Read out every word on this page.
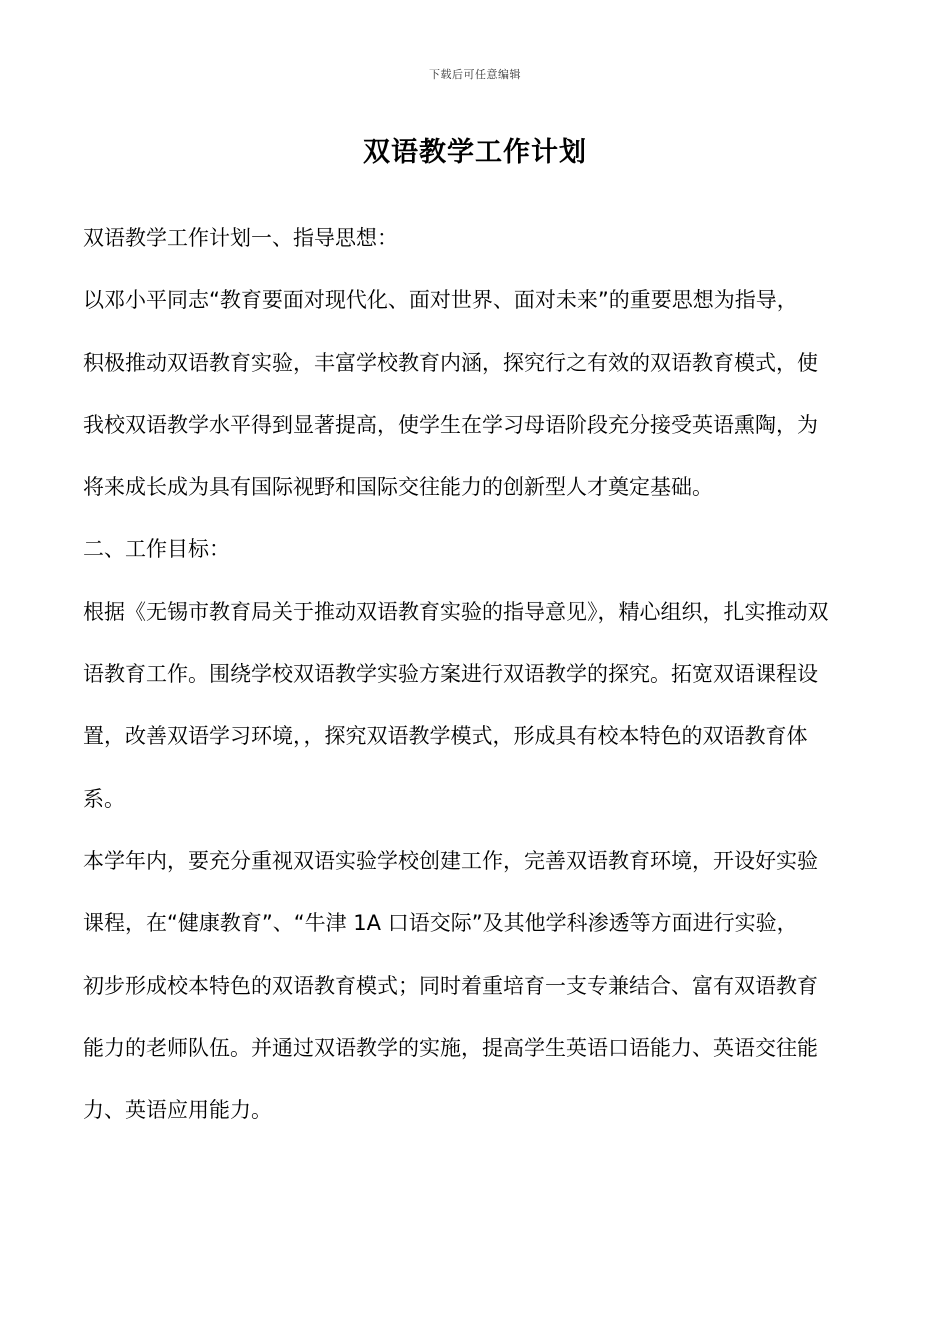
下载后可任意编辑
双语教学工作计划
双语教学工作计划一、指导思想：
以邓小平同志“教育要面对现代化、面对世界、面对未来”的重要思想为指导，
积极推动双语教育实验，丰富学校教育内涵，探究行之有效的双语教育模式，使
我校双语教学水平得到显著提高，使学生在学习母语阶段充分接受英语熏陶，为
将来成长成为具有国际视野和国际交往能力的创新型人才奠定基础。
二、工作目标：
根据《无锡市教育局关于推动双语教育实验的指导意见》，精心组织，扎实推动双
语教育工作。围绕学校双语教学实验方案进行双语教学的探究。拓宽双语课程设
置，改善双语学习环境，，探究双语教学模式，形成具有校本特色的双语教育体
系。
本学年内，要充分重视双语实验学校创建工作，完善双语教育环境，开设好实验
课程，在“健康教育”、“牛津 1A 口语交际”及其他学科渗透等方面进行实验，
初步形成校本特色的双语教育模式；同时着重培育一支专兼结合、富有双语教育
能力的老师队伍。并通过双语教学的实施，提高学生英语口语能力、英语交往能
力、英语应用能力。
